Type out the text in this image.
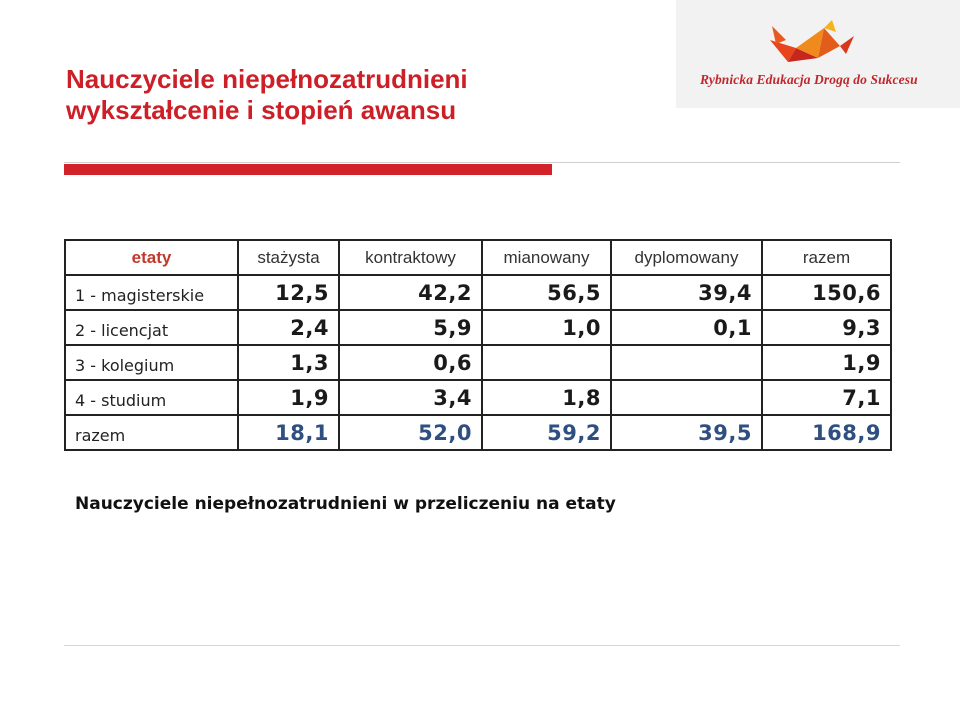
Nauczyciele niepełnozatrudnieni
wykształcenie i stopień awansu
Rybnicka Edukacja Drogą do Sukcesu
etaty	stażysta	kontraktowy	mianowany	dyplomowany	razem
1 - magisterskie	12,5	42,2	56,5	39,4	150,6
2 - licencjat	2,4	5,9	1,0	0,1	9,3
3 - kolegium	1,3	0,6			1,9
4 - studium	1,9	3,4	1,8		7,1
razem	18,1	52,0	59,2	39,5	168,9
Nauczyciele niepełnozatrudnieni w przeliczeniu na etaty
